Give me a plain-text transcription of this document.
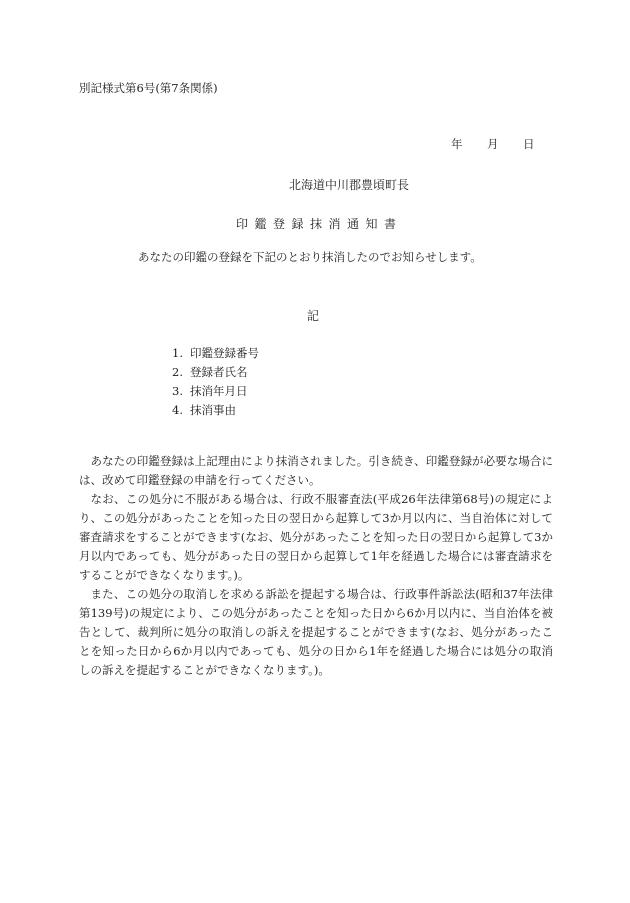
別記様式第6号(第7条関係)

年	月	日

北海道中川郡豊頃町長

印鑑登録抹消通知書

あなたの印鑑の登録を下記のとおり抹消したのでお知らせします。

記

1. 印鑑登録番号
2. 登録者氏名
3. 抹消年月日
4. 抹消事由

あなたの印鑑登録は上記理由により抹消されました。引き続き、印鑑登録が必要な場合には、改めて印鑑登録の申請を行ってください。

なお、この処分に不服がある場合は、行政不服審査法(平成26年法律第68号)の規定により、この処分があったことを知った日の翌日から起算して3か月以内に、当自治体に対して審査請求をすることができます(なお、処分があったことを知った日の翌日から起算して3か月以内であっても、処分があった日の翌日から起算して1年を経過した場合には審査請求をすることができなくなります。)。

また、この処分の取消しを求める訴訟を提起する場合は、行政事件訴訟法(昭和37年法律第139号)の規定により、この処分があったことを知った日から6か月以内に、当自治体を被告として、裁判所に処分の取消しの訴えを提起することができます(なお、処分があったことを知った日から6か月以内であっても、処分の日から1年を経過した場合には処分の取消しの訴えを提起することができなくなります。)。
